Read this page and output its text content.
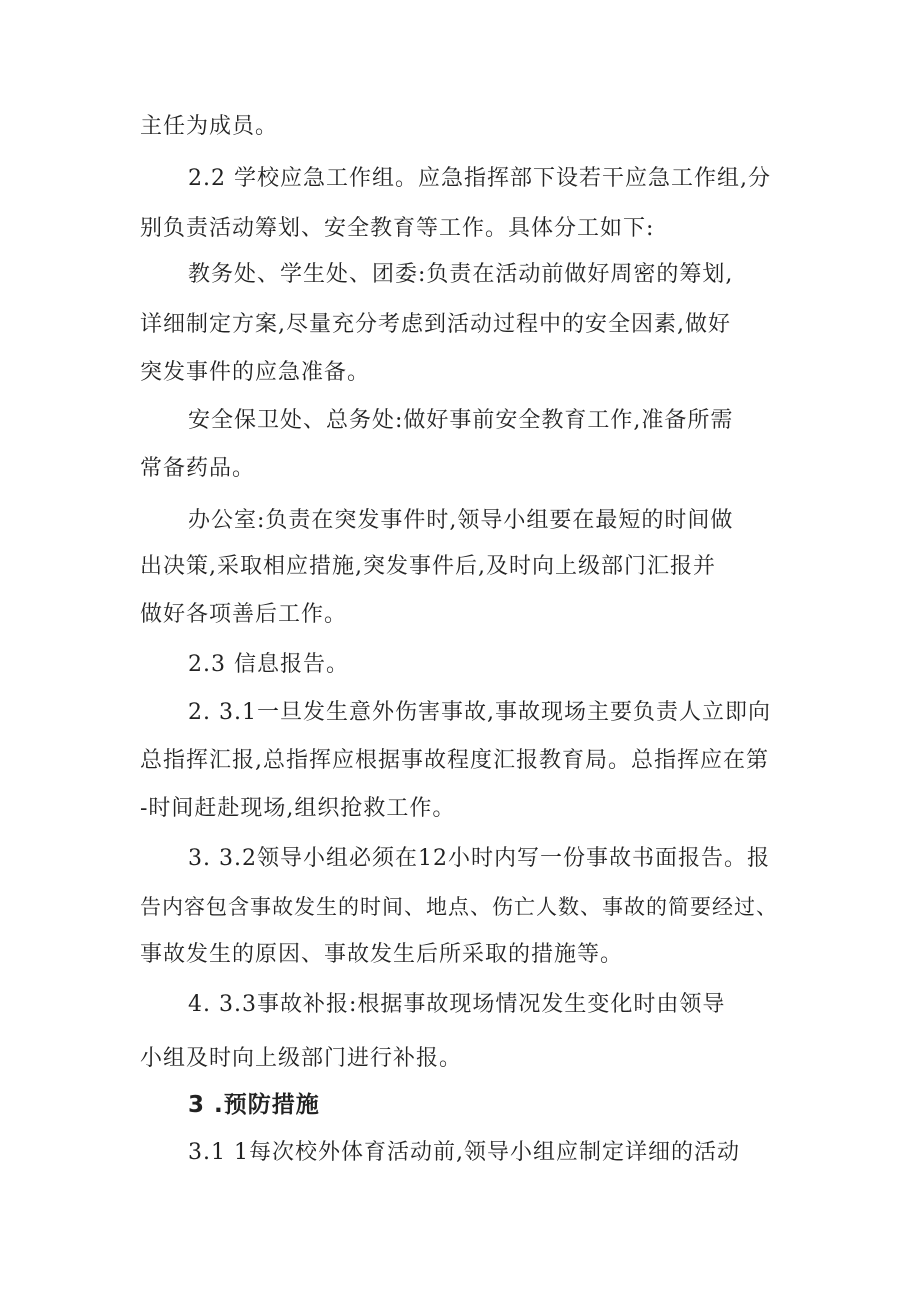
主任为成员。
2.2 学校应急工作组。应急指挥部下设若干应急工作组,分
别负责活动筹划、安全教育等工作。具体分工如下:
教务处、学生处、团委:负责在活动前做好周密的筹划,
详细制定方案,尽量充分考虑到活动过程中的安全因素,做好
突发事件的应急准备。
安全保卫处、总务处:做好事前安全教育工作,准备所需
常备药品。
办公室:负责在突发事件时,领导小组要在最短的时间做
出决策,采取相应措施,突发事件后,及时向上级部门汇报并
做好各项善后工作。
2.3 信息报告。
2. 3.1一旦发生意外伤害事故,事故现场主要负责人立即向
总指挥汇报,总指挥应根据事故程度汇报教育局。总指挥应在第
-时间赶赴现场,组织抢救工作。
3. 3.2领导小组必须在12小时内写一份事故书面报告。报
告内容包含事故发生的时间、地点、伤亡人数、事故的简要经过、
事故发生的原因、事故发生后所采取的措施等。
4. 3.3事故补报:根据事故现场情况发生变化时由领导
小组及时向上级部门进行补报。
3 .预防措施
3.1 1每次校外体育活动前,领导小组应制定详细的活动
